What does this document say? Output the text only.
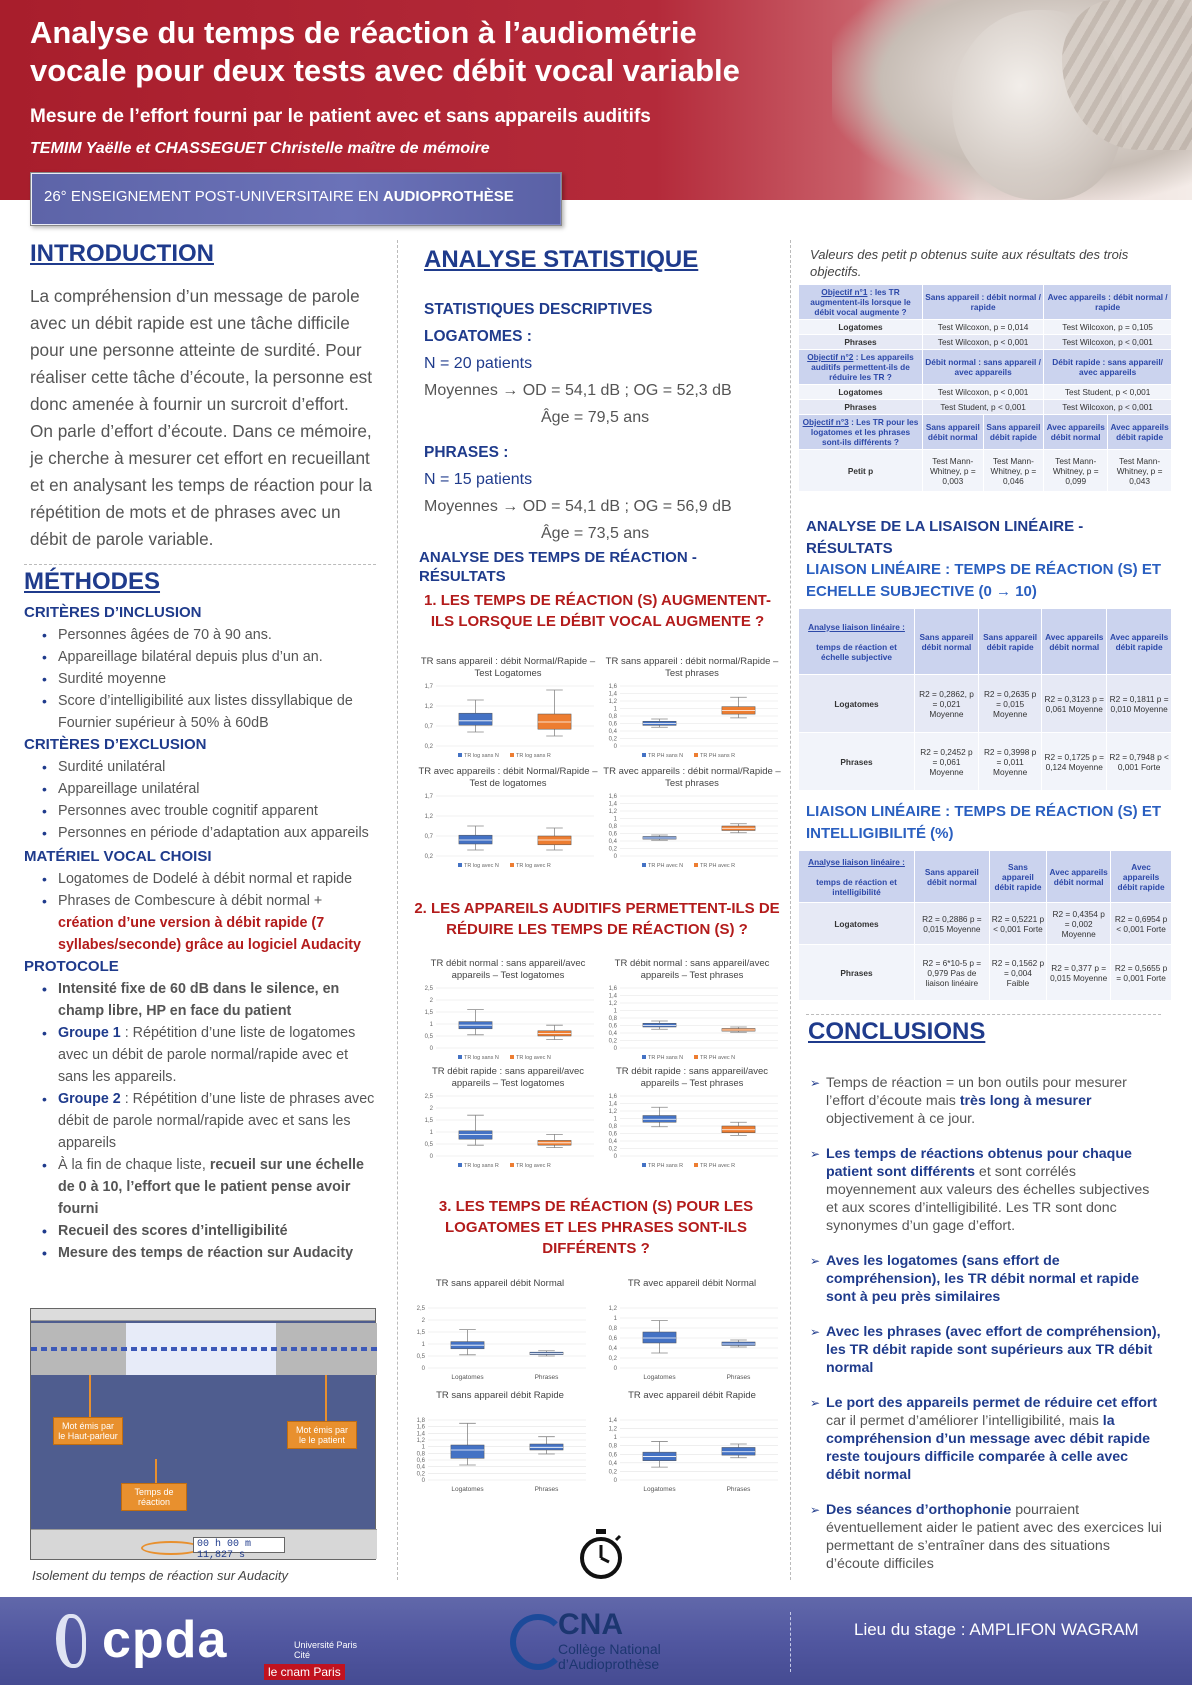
Analyse du temps de réaction à l’audiométrie
vocale pour deux tests avec débit vocal variable
Mesure de l’effort fourni par le patient avec et sans appareils auditifs
TEMIM Yaëlle et CHASSEGUET Christelle maître de mémoire
26° ENSEIGNEMENT POST-UNIVERSITAIRE EN AUDIOPROTHÈSE
INTRODUCTION
La compréhension d’un message de parole avec un débit rapide est une tâche difficile pour une personne atteinte de surdité. Pour réaliser cette tâche d’écoute, la personne est donc amenée à fournir un surcroit d’effort. On parle d’effort d’écoute. Dans ce mémoire, je cherche à mesurer cet effort en recueillant et en analysant les temps de réaction pour la répétition de mots et de phrases avec un débit de parole variable.
MÉTHODES
CRITÈRES D’INCLUSION
• Personnes âgées de 70 à 90 ans.
• Appareillage bilatéral depuis plus d’un an.
• Surdité moyenne
• Score d’intelligibilité aux listes dissyllabique de Fournier supérieur à 50% à 60dB
CRITÈRES D’EXCLUSION
• Surdité unilatéral
• Appareillage unilatéral
• Personnes avec trouble cognitif apparent
• Personnes en période d’adaptation aux appareils
MATÉRIEL VOCAL CHOISI
• Logatomes de Dodelé à débit normal et rapide
• Phrases de Combescure à débit normal +
création d’une version à débit rapide (7 syllabes/seconde) grâce au logiciel Audacity
PROTOCOLE
• Intensité fixe de 60 dB dans le silence, en champ libre, HP en face du patient
• Groupe 1 : Répétition d’une liste de logatomes avec un débit de parole normal/rapide avec et sans les appareils.
• Groupe 2 : Répétition d’une liste de phrases avec débit de parole normal/rapide avec et sans les appareils
• À la fin de chaque liste, recueil sur une échelle de 0 à 10, l’effort que le patient pense avoir fourni
• Recueil des scores d’intelligibilité
• Mesure des temps de réaction sur Audacity
Mot émis par le Haut-parleur
Mot émis par le le patient
Temps de réaction
00 h 00 m 11,827 s
Isolement du temps de réaction sur Audacity
ANALYSE STATISTIQUE
STATISTIQUES DESCRIPTIVES
LOGATOMES :
N = 20 patients
Moyennes → OD = 54,1 dB ; OG = 52,3 dB
Âge = 79,5 ans
PHRASES :
N = 15 patients
Moyennes → OD = 54,1 dB ; OG = 56,9 dB
Âge = 73,5 ans
ANALYSE DES TEMPS DE RÉACTION - RÉSULTATS
1. LES TEMPS DE RÉACTION (S) AUGMENTENT-ILS LORSQUE LE DÉBIT VOCAL AUGMENTE ?
TR sans appareil : débit Normal/Rapide – Test Logatomes
1,7
1,2
0,7
0,2
TR log sans N	TR log sans R
TR sans appareil : débit normal/Rapide – Test phrases
1,6
1,4
1,2
1
0,8
0,6
0,4
0,2
0
TR PH sans N	TR PH sans R
TR avec appareils : débit Normal/Rapide – Test de logatomes
1,7
1,2
0,7
0,2
TR log avec N	TR log avec R
TR avec appareils : débit normal/Rapide – Test phrases
1,6
1,4
1,2
1
0,8
0,6
0,4
0,2
0
TR PH avec N	TR PH avec R
TR débit normal : sans appareil/avec appareils – Test logatomes
2,5
2
1,5
1
0,5
0
TR log sans N	TR log avec N
TR débit normal : sans appareil/avec appareils – Test phrases
1,6
1,4
1,2
1
0,8
0,6
0,4
0,2
0
TR PH sans N	TR PH avec N
TR débit rapide : sans appareil/avec appareils – Test logatomes
2,5
2
1,5
1
0,5
0
TR log sans R	TR log avec R
TR débit rapide : sans appareil/avec appareils – Test phrases
1,6
1,4
1,2
1
0,8
0,6
0,4
0,2
0
TR PH sans R	TR PH avec R
TR sans appareil débit Normal
2,5
2
1,5
1
0,5
0
Logatomes	Phrases
TR avec appareil débit Normal
1,2
1
0,8
0,6
0,4
0,2
0
Logatomes	Phrases
TR sans appareil débit Rapide
1,8
1,6
1,4
1,2
1
0,8
0,6
0,4
0,2
0
Logatomes	Phrases
TR avec appareil débit Rapide
1,4
1,2
1
0,8
0,6
0,4
0,2
0
Logatomes	Phrases
2. LES APPAREILS AUDITIFS PERMETTENT-ILS DE RÉDUIRE LES TEMPS DE RÉACTION (S) ?
3. LES TEMPS DE RÉACTION (S) POUR LES LOGATOMES ET LES PHRASES SONT-ILS DIFFÉRENTS ?
Valeurs des petit p obtenus suite aux résultats des trois objectifs.
Objectif n°1 : les TR augmentent-ils lorsque le débit vocal augmente ?	Sans appareil : débit normal / rapide		Avec appareils : débit normal / rapide	
Logatomes	Test Wilcoxon, p = 0,014		Test Wilcoxon, p = 0,105	
Phrases	Test Wilcoxon, p < 0,001		Test Wilcoxon, p < 0,001	
Objectif n°2 : Les appareils auditifs permettent-ils de réduire les TR ?	Débit normal : sans appareil / avec appareils		Débit rapide : sans appareil/ avec appareils	
Logatomes	Test Wilcoxon, p < 0,001		Test Student, p < 0,001	
Phrases	Test Student, p < 0,001		Test Wilcoxon, p < 0,001	
Objectif n°3 : Les TR pour les logatomes et les phrases sont-ils différents ?	Sans appareil débit normal	Sans appareil débit rapide	Avec appareils débit normal	Avec appareils débit rapide
Petit p	Test Mann-Whitney, p = 0,003	Test Mann-Whitney, p = 0,046	Test Mann-Whitney, p = 0,099	Test Mann-Whitney, p = 0,043
ANALYSE DE LA LISAISON LINÉAIRE - RÉSULTATS
LIAISON LINÉAIRE : TEMPS DE RÉACTION (S) ET ECHELLE SUBJECTIVE (0 → 10)
Analyse liaison linéaire :

temps de réaction et échelle subjective	Sans appareil débit normal	Sans appareil débit rapide	Avec appareils débit normal	Avec appareils débit rapide
Logatomes	R2 = 0,2862, p = 0,021 Moyenne	R2 = 0,2635 p = 0,015 Moyenne	R2 = 0,3123 p = 0,061 Moyenne	R2 = 0,1811 p = 0,010 Moyenne
Phrases	R2 = 0,2452 p = 0,061 Moyenne	R2 = 0,3998 p = 0,011 Moyenne	R2 = 0,1725 p = 0,124 Moyenne	R2 = 0,7948 p < 0,001 Forte
LIAISON LINÉAIRE : TEMPS DE RÉACTION (S) ET INTELLIGIBILITÉ (%)
Analyse liaison linéaire :

temps de réaction et intelligibilité	Sans appareil débit normal	Sans appareil débit rapide	Avec appareils débit normal	Avec appareils débit rapide
Logatomes	R2 = 0,2886 p = 0,015 Moyenne	R2 = 0,5221 p < 0,001 Forte	R2 = 0,4354 p = 0,002 Moyenne	R2 = 0,6954 p < 0,001 Forte
Phrases	R2 = 6*10-5 p = 0,979 Pas de liaison linéaire	R2 = 0,1562 p = 0,004 Faible	R2 = 0,377 p = 0,015 Moyenne	R2 = 0,5655 p = 0,001 Forte
CONCLUSIONS
➢ Temps de réaction = un bon outils pour mesurer l’effort d’écoute mais très long à mesurer objectivement à ce jour.
➢ Les temps de réactions obtenus pour chaque patient sont différents et sont corrélés moyennement aux valeurs des échelles subjectives et aux scores d’intelligibilité. Les TR sont donc synonymes d’un gage d’effort.
➢ Aves les logatomes (sans effort de compréhension), les TR débit normal et rapide sont à peu près similaires
➢ Avec les phrases (avec effort de compréhension), les TR débit rapide sont supérieurs aux TR débit normal
➢ Le port des appareils permet de réduire cet effort car il permet d’améliorer l’intelligibilité, mais la compréhension d’un message avec débit rapide reste toujours difficile comparée à celle avec débit normal
➢ Des séances d’orthophonie pourraient éventuellement aider le patient avec des exercices lui permettant de s’entraîner dans des situations d’écoute difficiles
cpda	Université Paris Cité
le cnam Paris
CNA
Collège National
d’Audioprothèse
Lieu du stage : AMPLIFON WAGRAM
